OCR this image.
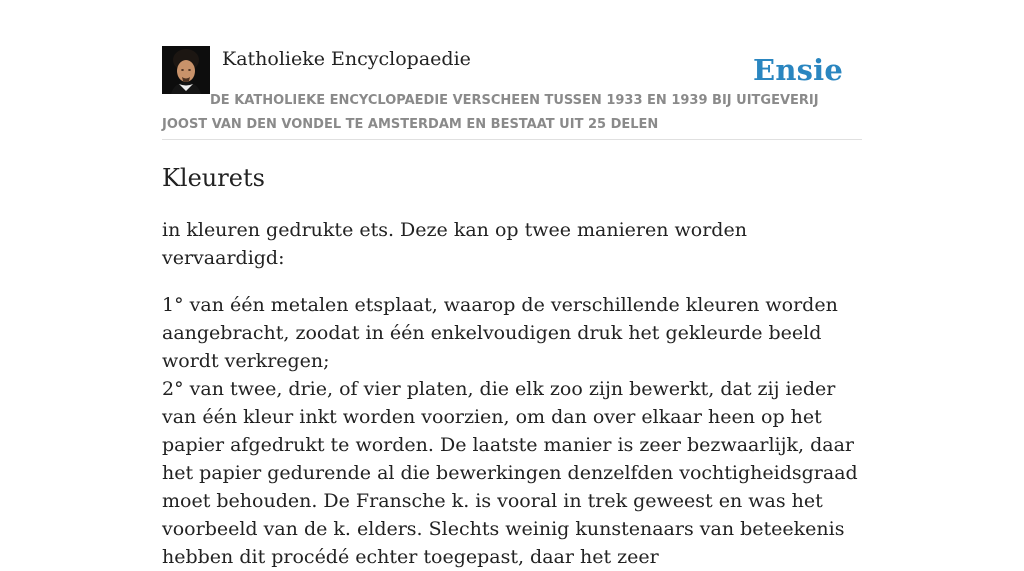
Katholieke Encyclopaedie	Ensie
DE KATHOLIEKE ENCYCLOPAEDIE VERSCHEEN TUSSEN 1933 EN 1939 BIJ UITGEVERIJ JOOST VAN DEN VONDEL TE AMSTERDAM EN BESTAAT UIT 25 DELEN
Kleurets

in kleuren gedrukte ets. Deze kan op twee manieren worden vervaardigd:

1° van één metalen etsplaat, waarop de verschillende kleuren worden aangebracht, zoodat in één enkelvoudigen druk het gekleurde beeld wordt verkregen;

2° van twee, drie, of vier platen, die elk zoo zijn bewerkt, dat zij ieder van één kleur inkt worden voorzien, om dan over elkaar heen op het papier afgedrukt te worden. De laatste manier is zeer bezwaarlijk, daar het papier gedurende al die bewerkingen denzelfden vochtigheidsgraad moet behouden. De Fransche k. is vooral in trek geweest en was het voorbeeld van de k. elders. Slechts weinig kunstenaars van beteekenis hebben dit procédé echter toegepast, daar het zeer
